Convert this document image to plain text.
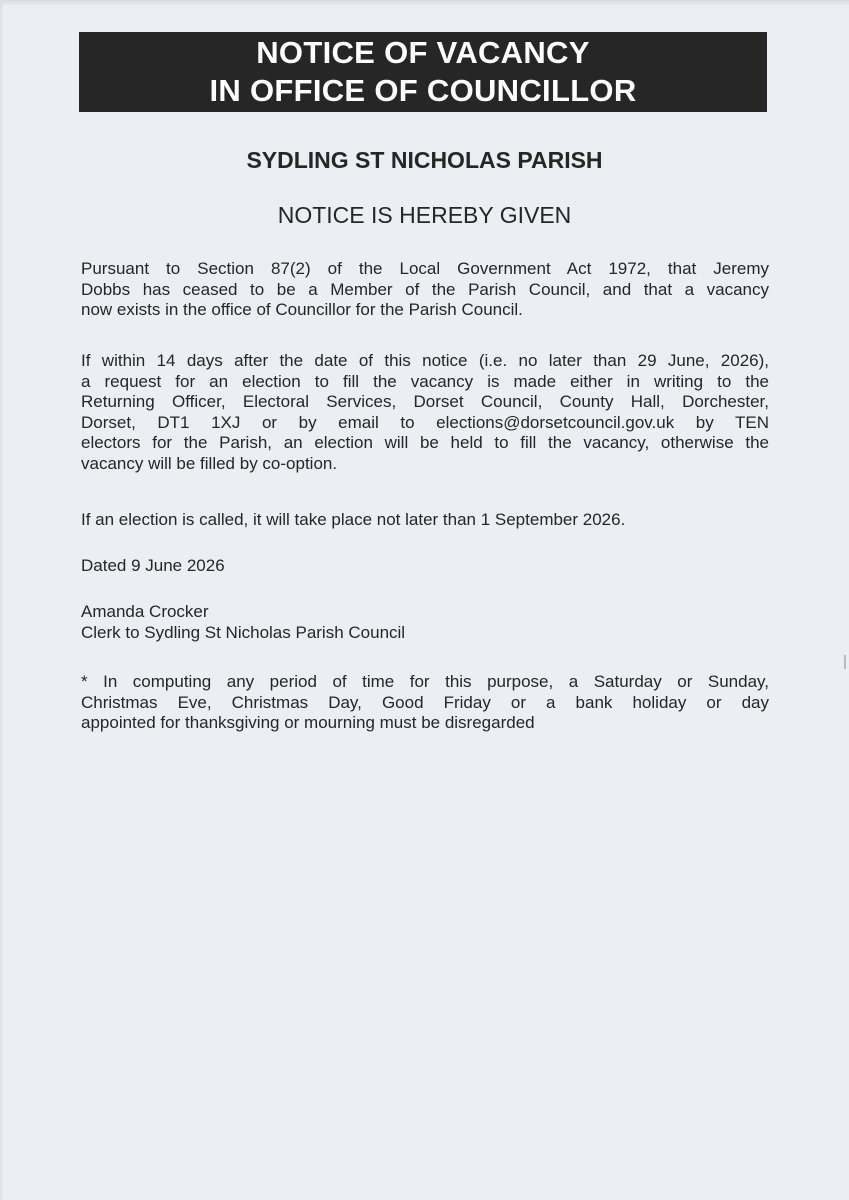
NOTICE OF VACANCY
IN OFFICE OF COUNCILLOR
SYDLING ST NICHOLAS PARISH
NOTICE IS HEREBY GIVEN
Pursuant to Section 87(2) of the Local Government Act 1972, that Jeremy
Dobbs has ceased to be a Member of the Parish Council, and that a vacancy
now exists in the office of Councillor for the Parish Council.
If within 14 days after the date of this notice (i.e. no later than 29 June, 2026),
a request for an election to fill the vacancy is made either in writing to the
Returning Officer, Electoral Services, Dorset Council, County Hall, Dorchester,
Dorset, DT1 1XJ or by email to elections@dorsetcouncil.gov.uk by TEN
electors for the Parish, an election will be held to fill the vacancy, otherwise the
vacancy will be filled by co-option.
If an election is called, it will take place not later than 1 September 2026.
Dated 9 June 2026
Amanda Crocker
Clerk to Sydling St Nicholas Parish Council
* In computing any period of time for this purpose, a Saturday or Sunday,
Christmas Eve, Christmas Day, Good Friday or a bank holiday or day
appointed for thanksgiving or mourning must be disregarded
